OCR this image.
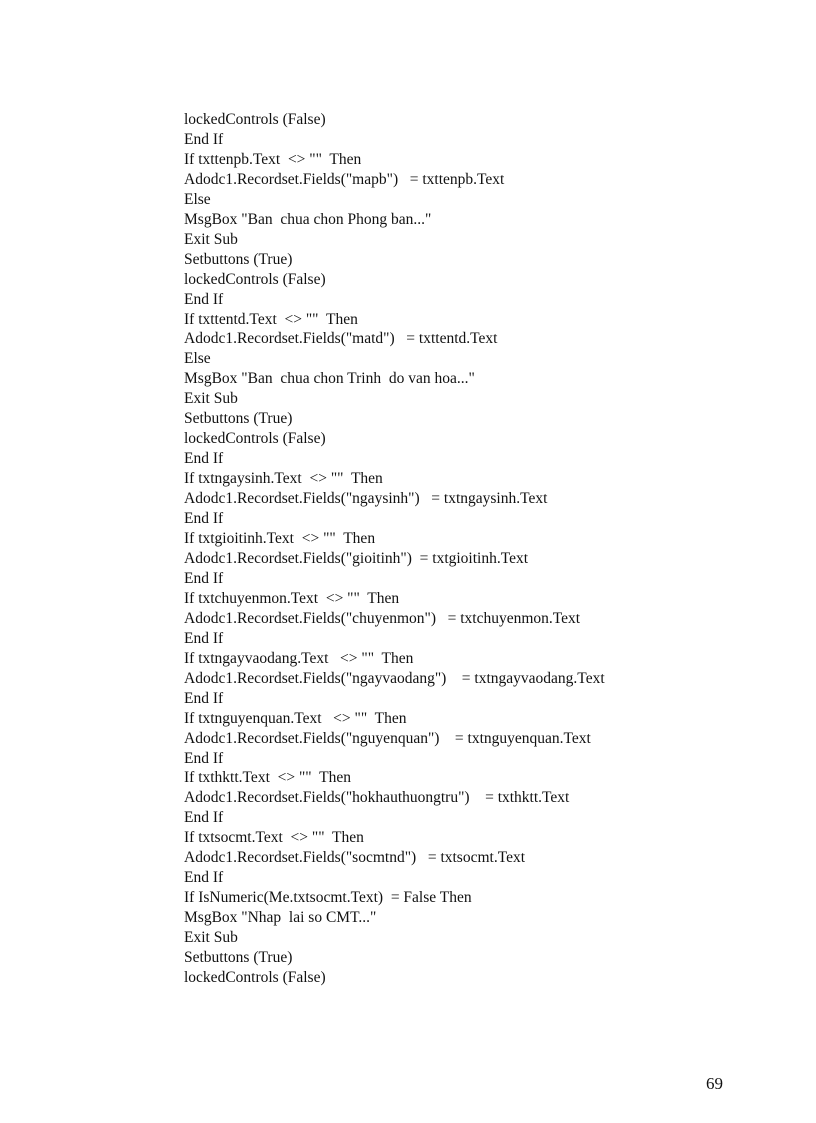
lockedControls (False)
End If
If txttenpb.Text  <> ""  Then
Adodc1.Recordset.Fields("mapb")   = txttenpb.Text
Else
MsgBox "Ban  chua chon Phong ban..."
Exit Sub
Setbuttons (True)
lockedControls (False)
End If
If txttentd.Text  <> ""  Then
Adodc1.Recordset.Fields("matd")   = txttentd.Text
Else
MsgBox "Ban  chua chon Trinh  do van hoa..."
Exit Sub
Setbuttons (True)
lockedControls (False)
End If
If txtngaysinh.Text  <> ""  Then
Adodc1.Recordset.Fields("ngaysinh")   = txtngaysinh.Text
End If
If txtgioitinh.Text  <> ""  Then
Adodc1.Recordset.Fields("gioitinh")  = txtgioitinh.Text
End If
If txtchuyenmon.Text  <> ""  Then
Adodc1.Recordset.Fields("chuyenmon")   = txtchuyenmon.Text
End If
If txtngayvaodang.Text   <> ""  Then
Adodc1.Recordset.Fields("ngayvaodang")    = txtngayvaodang.Text
End If
If txtnguyenquan.Text   <> ""  Then
Adodc1.Recordset.Fields("nguyenquan")    = txtnguyenquan.Text
End If
If txthktt.Text  <> ""  Then
Adodc1.Recordset.Fields("hokhauthuongtru")    = txthktt.Text
End If
If txtsocmt.Text  <> ""  Then
Adodc1.Recordset.Fields("socmtnd")   = txtsocmt.Text
End If
If IsNumeric(Me.txtsocmt.Text)  = False Then
MsgBox "Nhap  lai so CMT..."
Exit Sub
Setbuttons (True)
lockedControls (False)
69
